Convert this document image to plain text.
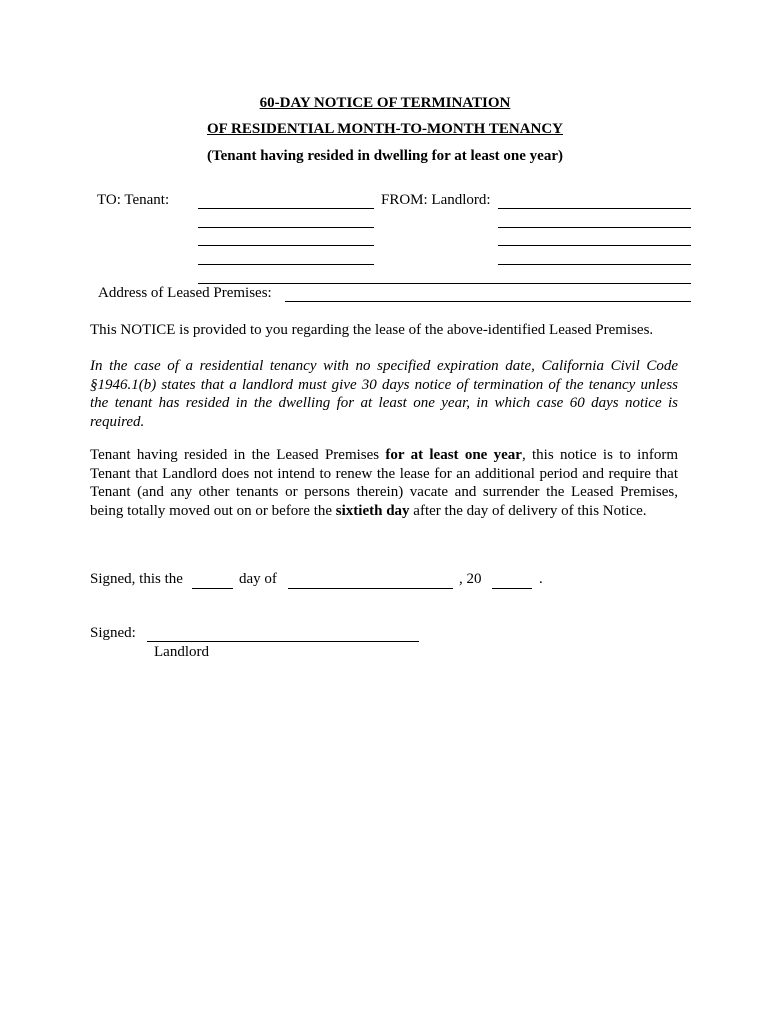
60-DAY NOTICE OF TERMINATION
OF RESIDENTIAL MONTH-TO-MONTH TENANCY
(Tenant having resided in dwelling for at least one year)
TO: Tenant:	FROM: Landlord:
Address of Leased Premises:
This NOTICE is provided to you regarding the lease of the above-identified Leased Premises.
In the case of a residential tenancy with no specified expiration date, California Civil Code §1946.1(b) states that a landlord must give 30 days notice of termination of the tenancy unless the tenant has resided in the dwelling for at least one year, in which case 60 days notice is required.
Tenant having resided in the Leased Premises for at least one year, this notice is to inform Tenant that Landlord does not intend to renew the lease for an additional period and require that Tenant (and any other tenants or persons therein) vacate and surrender the Leased Premises, being totally moved out on or before the sixtieth day after the day of delivery of this Notice.
Signed, this the	day of	, 20	.
Signed:
Landlord
